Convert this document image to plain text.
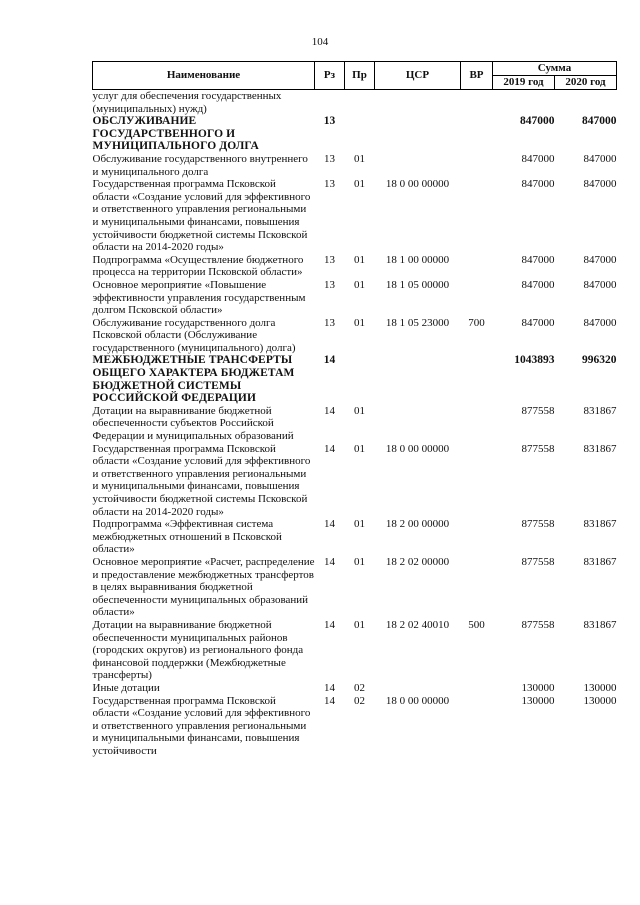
104
Наименование	Рз	Пр	ЦСР	ВР	Сумма	
					2019 год	2020 год
услуг для обеспечения государственных (муниципальных) нужд)						
ОБСЛУЖИВАНИЕ ГОСУДАРСТВЕННОГО И МУНИЦИПАЛЬНОГО ДОЛГА	13				847000	847000
Обслуживание государственного внутреннего и муниципального долга	13	01			847000	847000
Государственная программа Псковской области «Создание условий для эффективного и ответственного управления региональными и муниципальными финансами, повышения устойчивости бюджетной системы Псковской области на 2014-2020 годы»	13	01	18 0 00 00000		847000	847000
Подпрограмма «Осуществление бюджетного процесса на территории Псковской области»	13	01	18 1 00 00000		847000	847000
Основное мероприятие «Повышение эффективности управления государственным долгом Псковской области»	13	01	18 1 05 00000		847000	847000
Обслуживание государственного долга Псковской области (Обслуживание государственного (муниципального) долга)	13	01	18 1 05 23000	700	847000	847000
МЕЖБЮДЖЕТНЫЕ ТРАНСФЕРТЫ ОБЩЕГО ХАРАКТЕРА БЮДЖЕТАМ БЮДЖЕТНОЙ СИСТЕМЫ РОССИЙСКОЙ ФЕДЕРАЦИИ	14				1043893	996320
Дотации на выравнивание бюджетной обеспеченности субъектов Российской Федерации и муниципальных образований	14	01			877558	831867
Государственная программа Псковской области «Создание условий для эффективного и ответственного управления региональными и муниципальными финансами, повышения устойчивости бюджетной системы Псковской области на 2014-2020 годы»	14	01	18 0 00 00000		877558	831867
Подпрограмма «Эффективная система межбюджетных отношений в Псковской области»	14	01	18 2 00 00000		877558	831867
Основное мероприятие «Расчет, распределение и предоставление межбюджетных трансфертов в целях выравнивания бюджетной обеспеченности муниципальных образований области»	14	01	18 2 02 00000		877558	831867
Дотации на выравнивание бюджетной обеспеченности муниципальных районов (городских округов) из регионального фонда финансовой поддержки (Межбюджетные трансферты)	14	01	18 2 02 40010	500	877558	831867
Иные дотации	14	02			130000	130000
Государственная программа Псковской области «Создание условий для эффективного и ответственного управления региональными и муниципальными финансами, повышения устойчивости	14	02	18 0 00 00000		130000	130000
